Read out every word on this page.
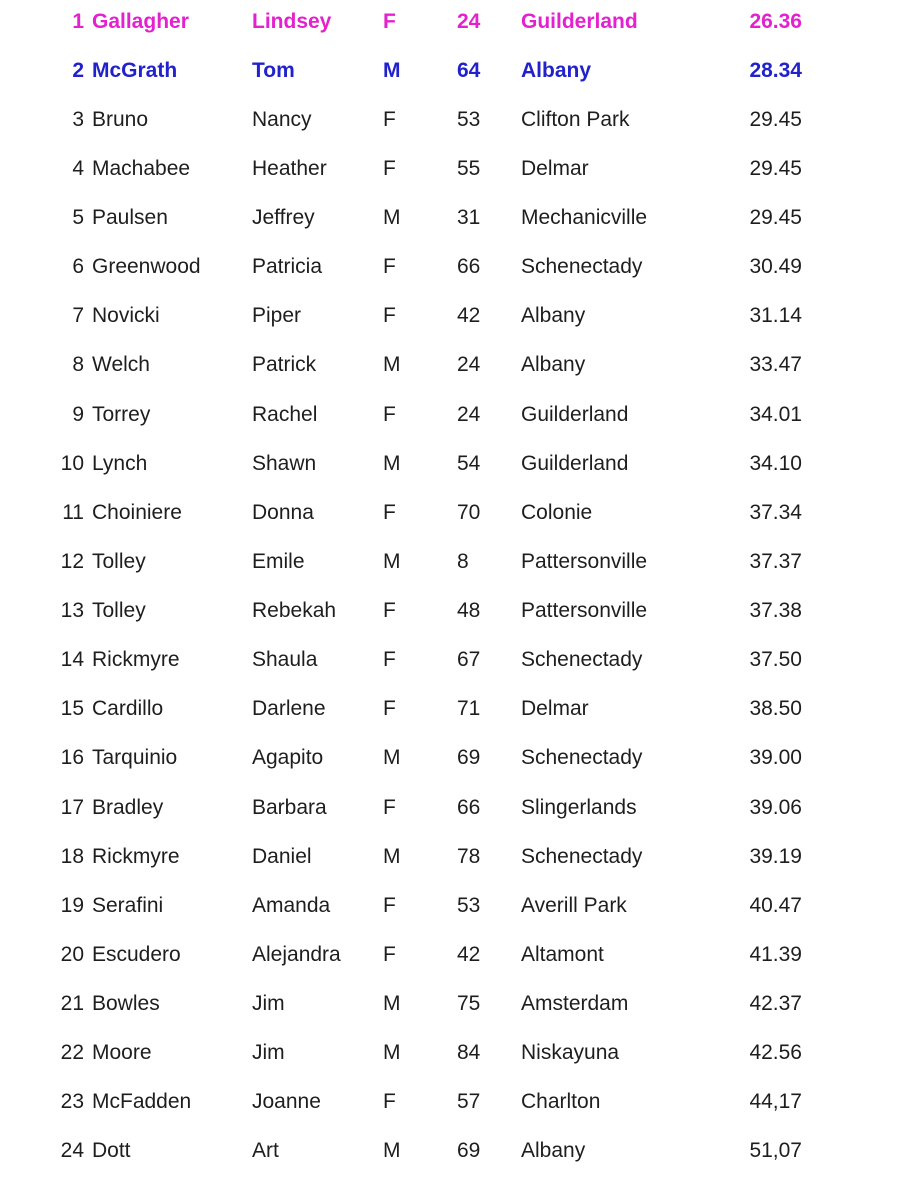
1 Gallagher	Lindsey	F	24	Guilderland	26.36
2 McGrath	Tom	M	64	Albany	28.34
3 Bruno	Nancy	F	53	Clifton Park	29.45
4 Machabee	Heather	F	55	Delmar	29.45
5 Paulsen	Jeffrey	M	31	Mechanicville	29.45
6 Greenwood	Patricia	F	66	Schenectady	30.49
7 Novicki	Piper	F	42	Albany	31.14
8 Welch	Patrick	M	24	Albany	33.47
9 Torrey	Rachel	F	24	Guilderland	34.01
10 Lynch	Shawn	M	54	Guilderland	34.10
11 Choiniere	Donna	F	70	Colonie	37.34
12 Tolley	Emile	M	8	Pattersonville	37.37
13 Tolley	Rebekah	F	48	Pattersonville	37.38
14 Rickmyre	Shaula	F	67	Schenectady	37.50
15 Cardillo	Darlene	F	71	Delmar	38.50
16 Tarquinio	Agapito	M	69	Schenectady	39.00
17 Bradley	Barbara	F	66	Slingerlands	39.06
18 Rickmyre	Daniel	M	78	Schenectady	39.19
19 Serafini	Amanda	F	53	Averill Park	40.47
20 Escudero	Alejandra	F	42	Altamont	41.39
21 Bowles	Jim	M	75	Amsterdam	42.37
22 Moore	Jim	M	84	Niskayuna	42.56
23 McFadden	Joanne	F	57	Charlton	44,17
24 Dott	Art	M	69	Albany	51,07
